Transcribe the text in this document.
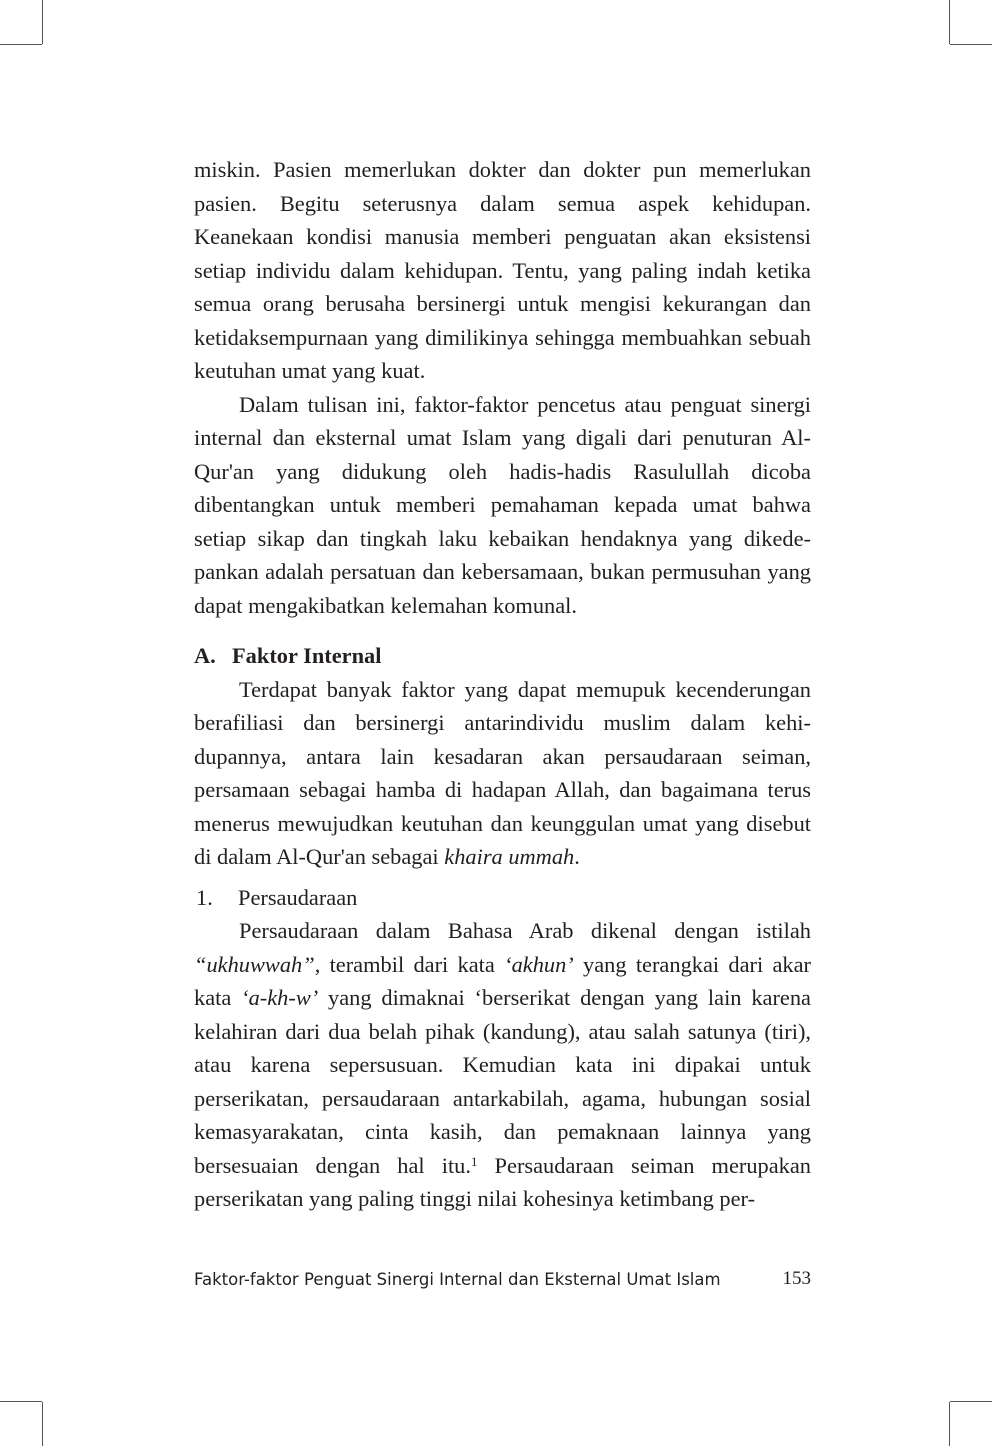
miskin. Pasien memerlukan dokter dan dokter pun memerlukan pasien. Begitu seterusnya dalam semua aspek kehidupan. Keanekaan kondisi manusia memberi penguatan akan eksistensi setiap individu dalam kehidupan. Tentu, yang paling indah ketika semua orang berusaha bersinergi untuk mengisi kekurangan dan ketidaksempurnaan yang dimilikinya sehingga membuahkan sebuah keutuhan umat yang kuat.

Dalam tulisan ini, faktor-faktor pencetus atau penguat sinergi internal dan eksternal umat Islam yang digali dari penuturan Al-Qur'an yang didukung oleh hadis-hadis Rasulullah dicoba dibentangkan untuk memberi pemahaman kepada umat bahwa setiap sikap dan tingkah laku kebaikan hendaknya yang dikedepankan adalah persatuan dan kebersamaan, bukan permusuhan yang dapat mengakibatkan kelemahan komunal.

A. Faktor Internal

Terdapat banyak faktor yang dapat memupuk kecenderungan berafiliasi dan bersinergi antarindividu muslim dalam kehidupannya, antara lain kesadaran akan persaudaraan seiman, persamaan sebagai hamba di hadapan Allah, dan bagaimana terus menerus mewujudkan keutuhan dan keunggulan umat yang disebut di dalam Al-Qur'an sebagai khaira ummah.

1. Persaudaraan

Persaudaraan dalam Bahasa Arab dikenal dengan istilah “ukhuwwah”, terambil dari kata ‘akhun’ yang terangkai dari akar kata ‘a-kh-w’ yang dimaknai ‘berserikat dengan yang lain karena kelahiran dari dua belah pihak (kandung), atau salah satunya (tiri), atau karena sepersusuan. Kemudian kata ini dipakai untuk perserikatan, persaudaraan antarkabilah, agama, hubungan sosial kemasyarakatan, cinta kasih, dan pemaknaan lainnya yang bersesuaian dengan hal itu.$^1$ Persaudaraan seiman merupakan perserikatan yang paling tinggi nilai kohesinya ketimbang per-

Faktor-faktor Penguat Sinergi Internal dan Eksternal Umat Islam	153
